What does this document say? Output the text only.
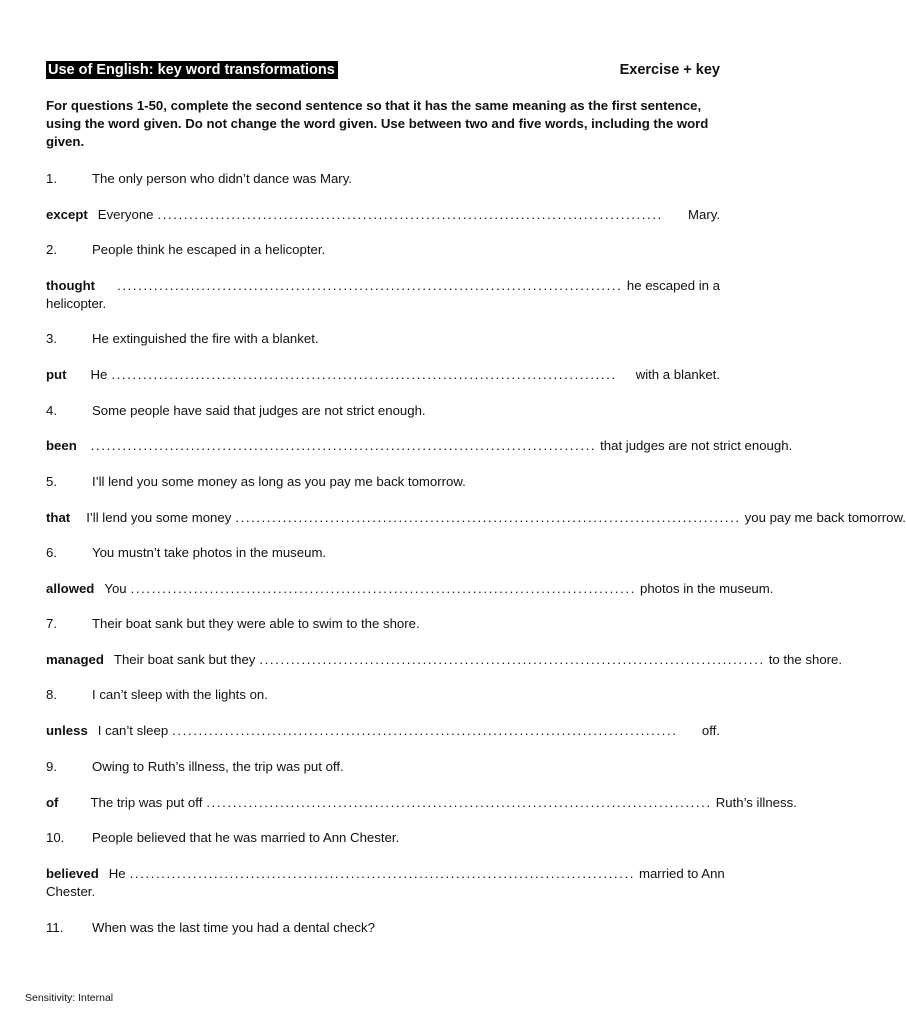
Use of English: key word transformations	Exercise + key
For questions 1-50, complete the second sentence so that it has the same meaning as the first sentence, using the word given. Do not change the word given. Use between two and five words, including the word given.
1.	The only person who didn’t dance was Mary.
except Everyone ................................................................................................	Mary.
2.	People think he escaped in a helicopter.
thought ................................................................................................ he escaped in a
helicopter.
3.	He extinguished the fire with a blanket.
put He ................................................................................................	with a blanket.
4.	Some people have said that judges are not strict enough.
been ................................................................................................ that judges are not strict enough.
5.	I’ll lend you some money as long as you pay me back tomorrow.
that I’ll lend you some money ................................................................................................ you pay me back tomorrow.
6.	You mustn’t take photos in the museum.
allowed You ................................................................................................ photos in the museum.
7.	Their boat sank but they were able to swim to the shore.
managed Their boat sank but they ................................................................................................ to the shore.
8.	I can’t sleep with the lights on.
unless I can’t sleep ................................................................................................	off.
9.	Owing to Ruth’s illness, the trip was put off.
of The trip was put off ................................................................................................ Ruth’s illness.
10. People believed that he was married to Ann Chester.
believed He ................................................................................................ married to Ann
Chester.
11. When was the last time you had a dental check?
Sensitivity: Internal
